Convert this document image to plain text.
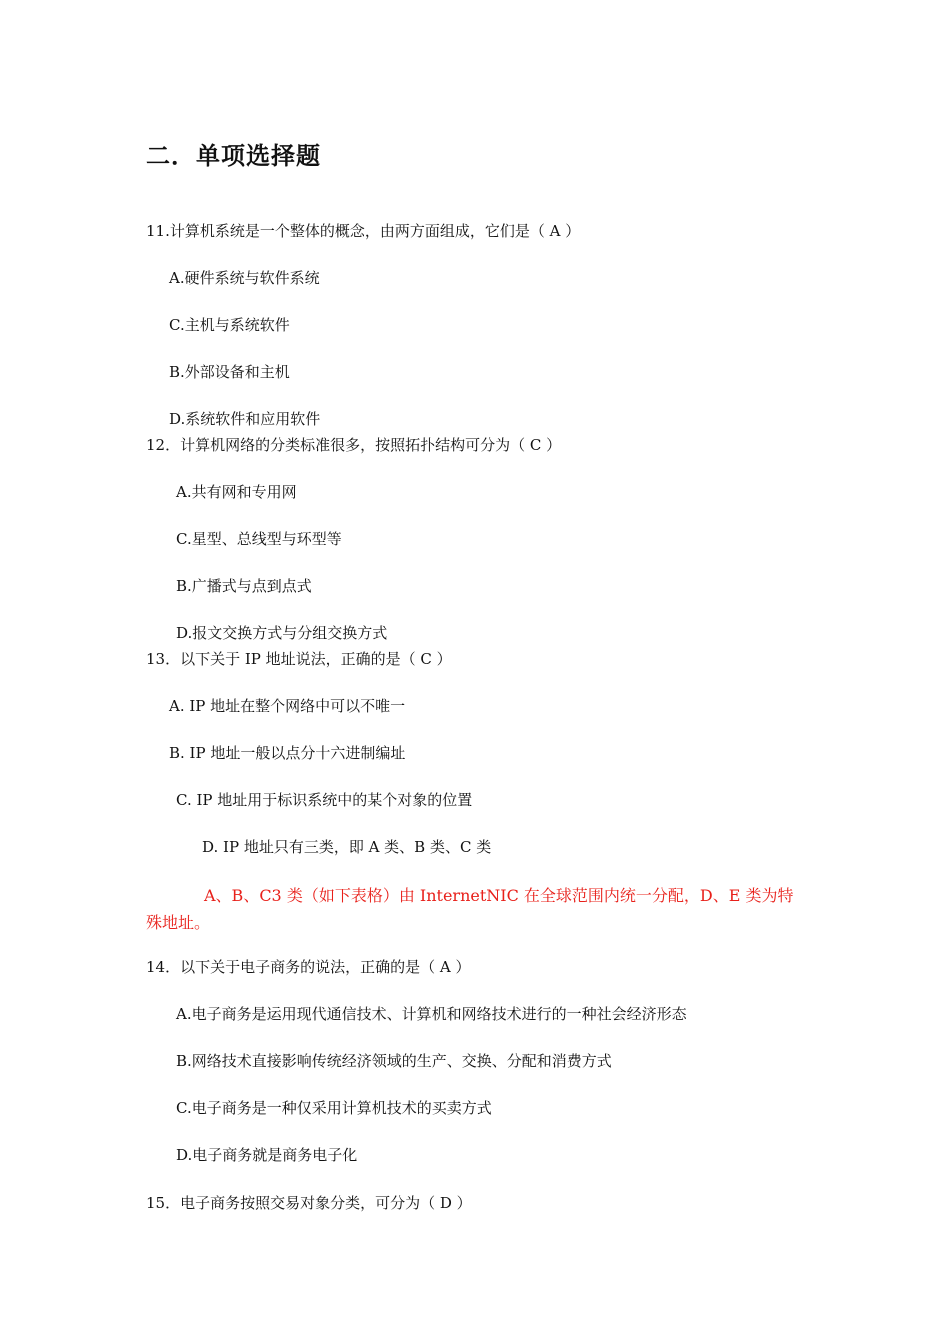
二．单项选择题
11.计算机系统是一个整体的概念，由两方面组成，它们是（ A ）
A.硬件系统与软件系统
C.主机与系统软件
B.外部设备和主机
D.系统软件和应用软件
12．计算机网络的分类标准很多，按照拓扑结构可分为（ C ）
A.共有网和专用网
C.星型、总线型与环型等
B.广播式与点到点式
D.报文交换方式与分组交换方式
13．以下关于 IP 地址说法，正确的是（ C ）
A. IP 地址在整个网络中可以不唯一
B. IP 地址一般以点分十六进制编址
C. IP 地址用于标识系统中的某个对象的位置
D. IP 地址只有三类，即 A 类、B 类、C 类
A、B、C3 类（如下表格）由 InternetNIC 在全球范围内统一分配，D、E 类为特殊地址。
14．以下关于电子商务的说法，正确的是（ A ）
A.电子商务是运用现代通信技术、计算机和网络技术进行的一种社会经济形态
B.网络技术直接影响传统经济领域的生产、交换、分配和消费方式
C.电子商务是一种仅采用计算机技术的买卖方式
D.电子商务就是商务电子化
15．电子商务按照交易对象分类，可分为（ D ）
